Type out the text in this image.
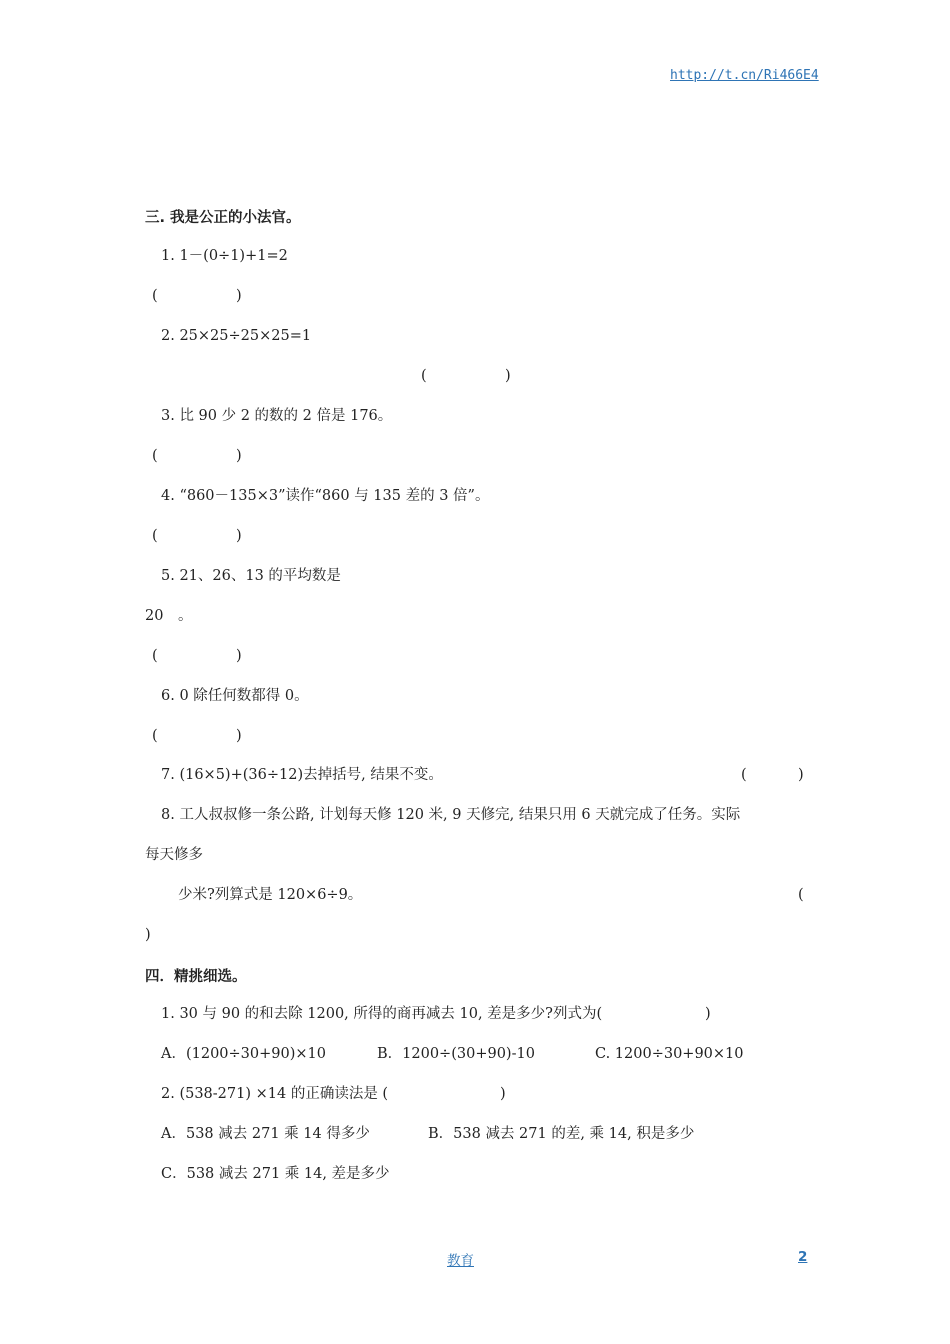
http://t.cn/Ri466E4
三. 我是公正的小法官。
1. 1－(0÷1)+1=2
(	)
2. 25×25÷25×25=1
(	)
3. 比 90 少 2 的数的 2 倍是 176。
(	)
4. “860－135×3”读作“860 与 135 差的 3 倍”。
(	)
5. 21、26、13 的平均数是
20　。
(	)
6. 0 除任何数都得 0。
(	)
7. (16×5)+(36÷12)去掉括号, 结果不变。	(	)
8. 工人叔叔修一条公路, 计划每天修 120 米, 9 天修完, 结果只用 6 天就完成了任务。实际
每天修多
少米?列算式是 120×6÷9。	(
)
四．精挑细选。
1. 30 与 90 的和去除 1200, 所得的商再减去 10, 差是多少?列式为(	)
A．(1200÷30+90)×10	B．1200÷(30+90)-10	C. 1200÷30+90×10
2. (538-271) ×14 的正确读法是 (	)
A．538 减去 271 乘 14 得多少	B．538 减去 271 的差, 乘 14, 积是多少
C．538 减去 271 乘 14, 差是多少
教育	2
